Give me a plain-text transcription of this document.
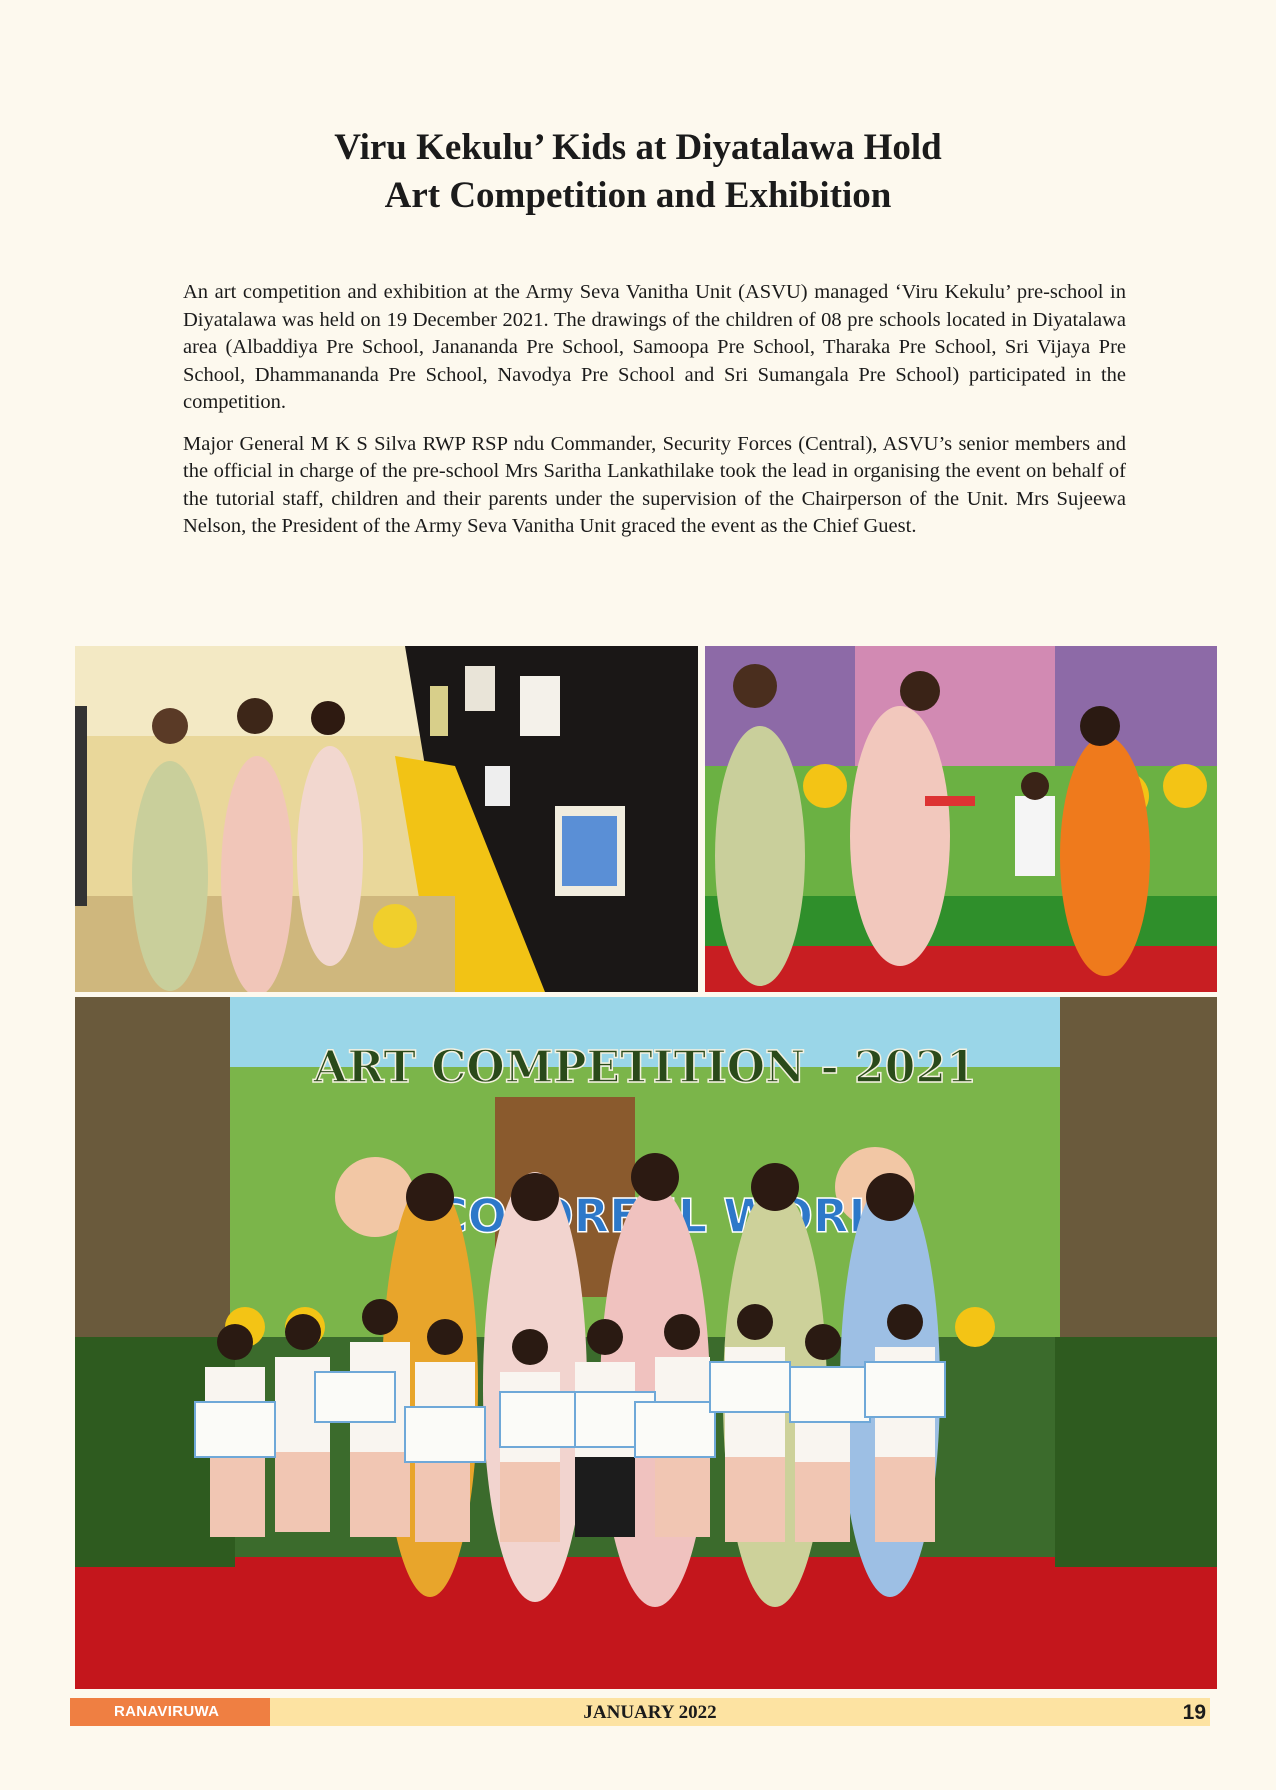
Viru Kekulu’ Kids at Diyatalawa Hold
Art Competition and Exhibition

An art competition and exhibition at the Army Seva Vanitha Unit (ASVU) managed ‘Viru Kekulu’ pre-school in Diyatalawa was held on 19 December 2021. The drawings of the children of 08 pre schools located in Diyatalawa area (Albaddiya Pre School, Janananda Pre School, Samoopa Pre School, Tharaka Pre School, Sri Vijaya Pre School, Dhammananda Pre School, Navodya Pre School and Sri Sumangala Pre School) participated in the competition.

Major General M K S Silva RWP RSP ndu Commander, Security Forces (Central), ASVU’s senior members and the official in charge of the pre-school Mrs Saritha Lankathilake took the lead in organising the event on behalf of the tutorial staff, children and their parents under the supervision of the Chairperson of the Unit. Mrs Sujeewa Nelson, the President of the Army Seva Vanitha Unit graced the event as the Chief Guest.

ART COMPETITION - 2021
COLORFUL WORLD
RANAVIRUWA	JANUARY 2022	19
